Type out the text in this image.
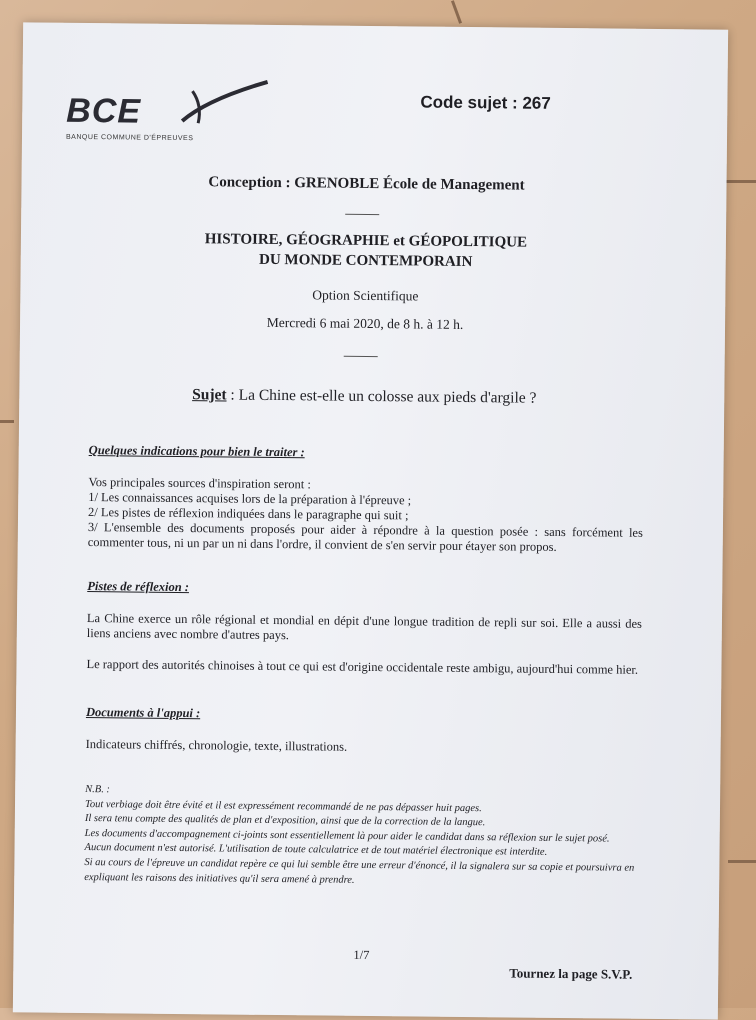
BCE
BANQUE COMMUNE D'ÉPREUVES
Code sujet : 267
Conception : GRENOBLE École de Management
HISTOIRE, GÉOGRAPHIE et GÉOPOLITIQUE
DU MONDE CONTEMPORAIN
Option Scientifique
Mercredi 6 mai 2020, de 8 h. à 12 h.
Sujet : La Chine est-elle un colosse aux pieds d'argile ?

Quelques indications pour bien le traiter :

Vos principales sources d'inspiration seront :

1/ Les connaissances acquises lors de la préparation à l'épreuve ;

2/ Les pistes de réflexion indiquées dans le paragraphe qui suit ;

3/ L'ensemble des documents proposés pour aider à répondre à la question posée : sans forcément les commenter tous, ni un par un ni dans l'ordre, il convient de s'en servir pour étayer son propos.

Pistes de réflexion :

La Chine exerce un rôle régional et mondial en dépit d'une longue tradition de repli sur soi. Elle a aussi des liens anciens avec nombre d'autres pays.

Le rapport des autorités chinoises à tout ce qui est d'origine occidentale reste ambigu, aujourd'hui comme hier.

Documents à l'appui :

Indicateurs chiffrés, chronologie, texte, illustrations.

N.B. :

Tout verbiage doit être évité et il est expressément recommandé de ne pas dépasser huit pages.

Il sera tenu compte des qualités de plan et d'exposition, ainsi que de la correction de la langue.

Les documents d'accompagnement ci-joints sont essentiellement là pour aider le candidat dans sa réflexion sur le sujet posé.

Aucun document n'est autorisé. L'utilisation de toute calculatrice et de tout matériel électronique est interdite.

Si au cours de l'épreuve un candidat repère ce qui lui semble être une erreur d'énoncé, il la signalera sur sa copie et poursuivra en expliquant les raisons des initiatives qu'il sera amené à prendre.

1/7
Tournez la page S.V.P.
